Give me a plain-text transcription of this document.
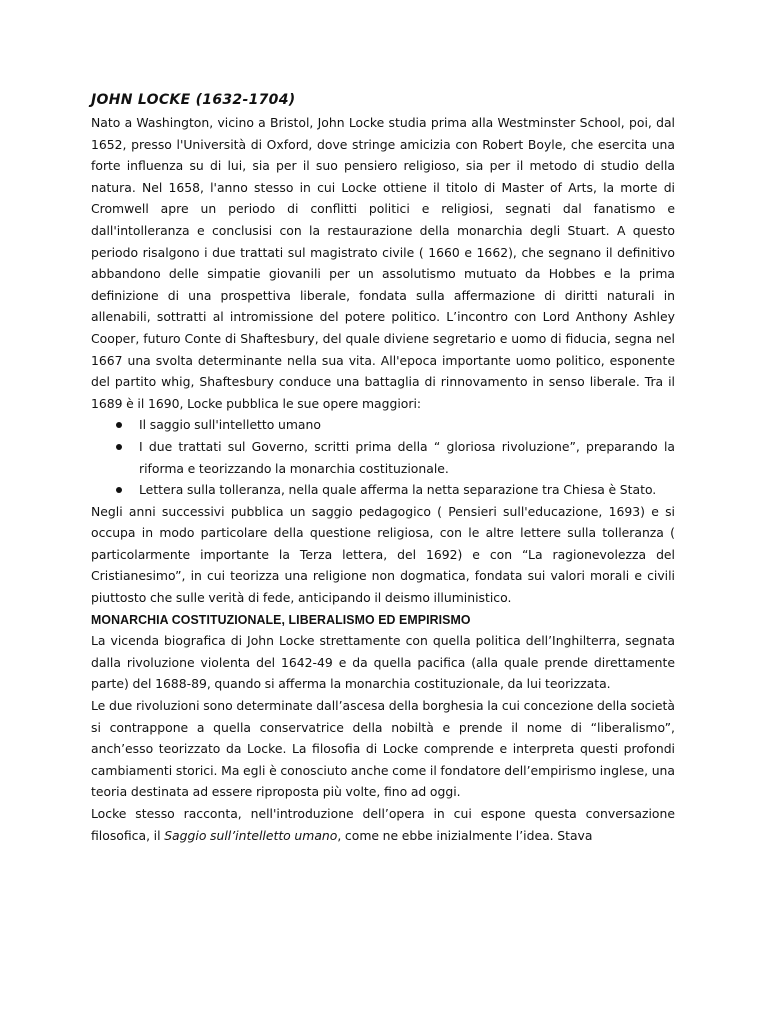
JOHN LOCKE (1632-1704)

Nato a Washington, vicino a Bristol, John Locke studia prima alla Westminster School, poi, dal 1652, presso l'Università di Oxford, dove stringe amicizia con Robert Boyle, che esercita una forte influenza su di lui, sia per il suo pensiero religioso, sia per il metodo di studio della natura. Nel 1658, l'anno stesso in cui Locke ottiene il titolo di Master of Arts, la morte di Cromwell apre un periodo di conflitti politici e religiosi, segnati dal fanatismo e dall'intolleranza e conclusisi con la restaurazione della monarchia degli Stuart. A questo periodo risalgono i due trattati sul magistrato civile ( 1660 e 1662), che segnano il definitivo abbandono delle simpatie giovanili per un assolutismo mutuato da Hobbes e la prima definizione di una prospettiva liberale, fondata sulla affermazione di diritti naturali in allenabili, sottratti al intromissione del potere politico. L’incontro con Lord Anthony Ashley Cooper, futuro Conte di Shaftesbury, del quale diviene segretario e uomo di fiducia, segna nel 1667 una svolta determinante nella sua vita. All'epoca importante uomo politico, esponente del partito whig, Shaftesbury conduce una battaglia di rinnovamento in senso liberale. Tra il 1689 è il 1690, Locke pubblica le sue opere maggiori:

Il saggio sull'intelletto umano
I due trattati sul Governo, scritti prima della “ gloriosa rivoluzione”, preparando la riforma e teorizzando la monarchia costituzionale.
Lettera sulla tolleranza, nella quale afferma la netta separazione tra Chiesa è Stato.

Negli anni successivi pubblica un saggio pedagogico ( Pensieri sull'educazione, 1693) e si occupa in modo particolare della questione religiosa, con le altre lettere sulla tolleranza ( particolarmente importante la Terza lettera, del 1692) e con “La ragionevolezza del Cristianesimo”, in cui teorizza una religione non dogmatica, fondata sui valori morali e civili piuttosto che sulle verità di fede, anticipando il deismo illuministico.

MONARCHIA COSTITUZIONALE, LIBERALISMO ED EMPIRISMO

La vicenda biografica di John Locke strettamente con quella politica dell’Inghilterra, segnata dalla rivoluzione violenta del 1642-49 e da quella pacifica (alla quale prende direttamente parte) del 1688-89, quando si afferma la monarchia costituzionale, da lui teorizzata.

Le due rivoluzioni sono determinate dall’ascesa della borghesia la cui concezione della società si contrappone a quella conservatrice della nobiltà e prende il nome di “liberalismo”, anch’esso teorizzato da Locke. La filosofia di Locke comprende e interpreta questi profondi cambiamenti storici. Ma egli è conosciuto anche come il fondatore dell’empirismo inglese, una teoria destinata ad essere riproposta più volte, fino ad oggi.

Locke stesso racconta, nell'introduzione dell’opera in cui espone questa conversazione filosofica, il Saggio sull’intelletto umano, come ne ebbe inizialmente l’idea. Stava
